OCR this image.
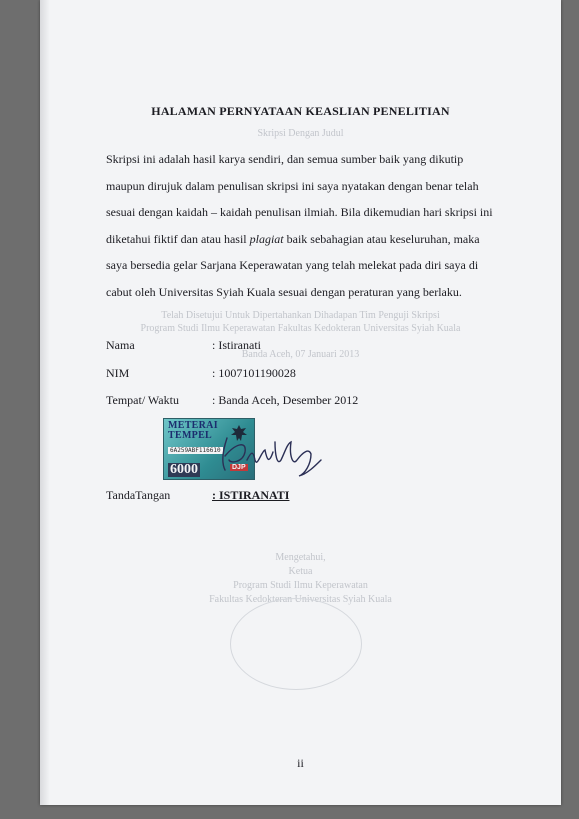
Skripsi Dengan Judul
Telah Disetujui Untuk Dipertahankan Dihadapan Tim Penguji Skripsi
Program Studi Ilmu Keperawatan Fakultas Kedokteran Universitas Syiah Kuala
Banda Aceh, 07 Januari 2013
Mengetahui,
Ketua
Program Studi Ilmu Keperawatan
Fakultas Kedokteran Universitas Syiah Kuala
HALAMAN PERNYATAAN KEASLIAN PENELITIAN

Skripsi ini adalah hasil karya sendiri, dan semua sumber baik yang dikutip

maupun dirujuk dalam penulisan skripsi ini saya nyatakan dengan benar telah

sesuai dengan kaidah – kaidah penulisan ilmiah. Bila dikemudian hari skripsi ini

diketahui fiktif dan atau hasil plagiat baik sebahagian atau keseluruhan, maka

saya bersedia gelar Sarjana Keperawatan yang telah melekat pada diri saya di

cabut oleh Universitas Syiah Kuala sesuai dengan peraturan yang berlaku.

Nama	: Istiranati
NIM	: 1007101190028
Tempat/ Waktu	: Banda Aceh, Desember 2012
METERAI
TEMPEL
6A259ABF116610
6000	DJP
TandaTangan	: ISTIRANATI
ii
